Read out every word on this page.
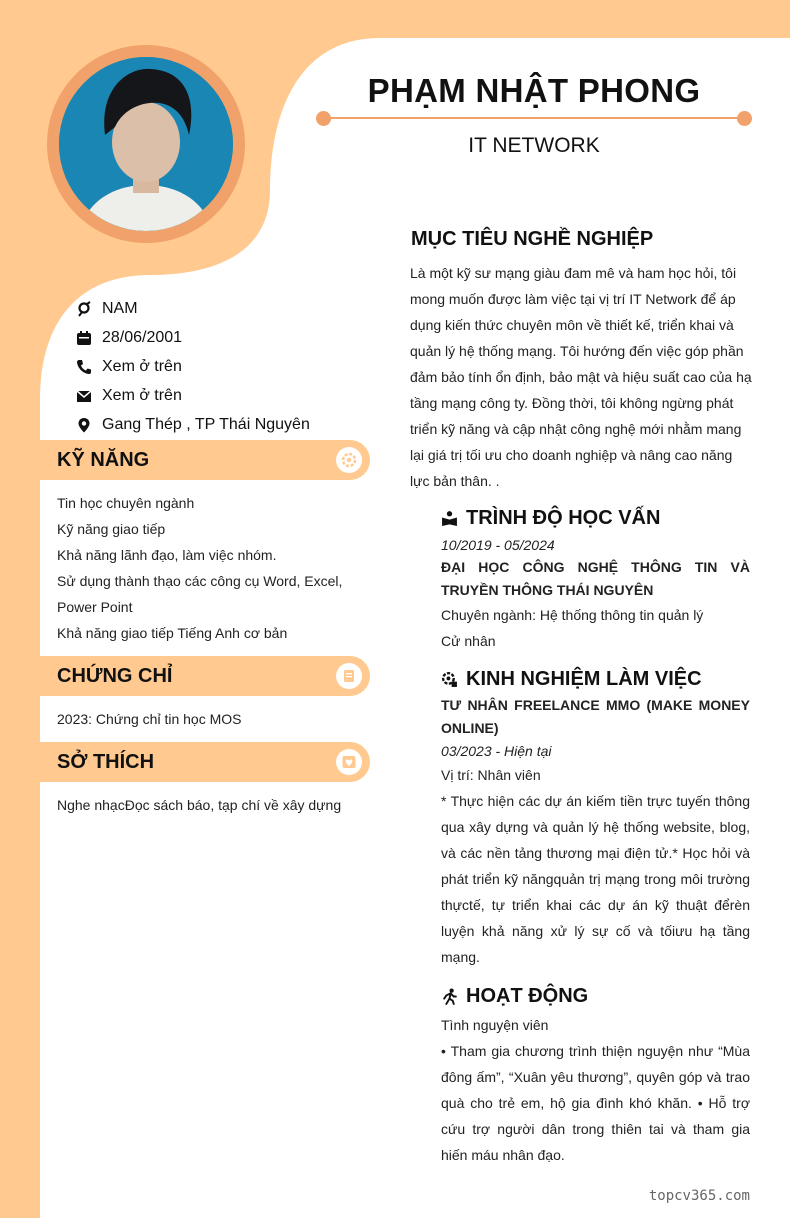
PHẠM NHẬT PHONG
IT NETWORK
NAM
28/06/2001
Xem ở trên
Xem ở trên
Gang Thép , TP Thái Nguyên
KỸ NĂNG
Tin học chuyên ngành
Kỹ năng giao tiếp
Khả năng lãnh đạo, làm việc nhóm.
Sử dụng thành thạo các công cụ Word, Excel, Power Point
Khả năng giao tiếp Tiếng Anh cơ bản
CHỨNG CHỈ
2023: Chứng chỉ tin học MOS
SỞ THÍCH
Nghe nhạcĐọc sách báo, tạp chí về xây dựng
MỤC TIÊU NGHỀ NGHIỆP
Là một kỹ sư mạng giàu đam mê và ham học hỏi, tôi mong muốn được làm việc tại vị trí IT Network để áp dụng kiến thức chuyên môn về thiết kế, triển khai và quản lý hệ thống mạng. Tôi hướng đến việc góp phần đảm bảo tính ổn định, bảo mật và hiệu suất cao của hạ tầng mạng công ty. Đồng thời, tôi không ngừng phát triển kỹ năng và cập nhật công nghệ mới nhằm mang lại giá trị tối ưu cho doanh nghiệp và nâng cao năng lực bản thân. .
TRÌNH ĐỘ HỌC VẤN
10/2019 - 05/2024
ĐẠI HỌC CÔNG NGHỆ THÔNG TIN VÀ TRUYỀN THÔNG THÁI NGUYÊN
Chuyên ngành: Hệ thống thông tin quản lý
Cử nhân
KINH NGHIỆM LÀM VIỆC
TƯ NHÂN FREELANCE MMO (MAKE MONEY ONLINE)
03/2023 - Hiện tại
Vị trí: Nhân viên
* Thực hiện các dự án kiếm tiền trực tuyến thông qua xây dựng và quản lý hệ thống website, blog, và các nền tảng thương mại điện tử.* Học hỏi và phát triển kỹ năngquản trị mạng trong môi trường thựctế, tự triển khai các dự án kỹ thuật đểrèn luyện khả năng xử lý sự cố và tốiưu hạ tầng mạng.
HOẠT ĐỘNG
Tình nguyện viên
• Tham gia chương trình thiện nguyện như “Mùa đông ấm”, “Xuân yêu thương”, quyên góp và trao quà cho trẻ em, hộ gia đình khó khăn. • Hỗ trợ cứu trợ người dân trong thiên tai và tham gia hiến máu nhân đạo.
topcv365.com
